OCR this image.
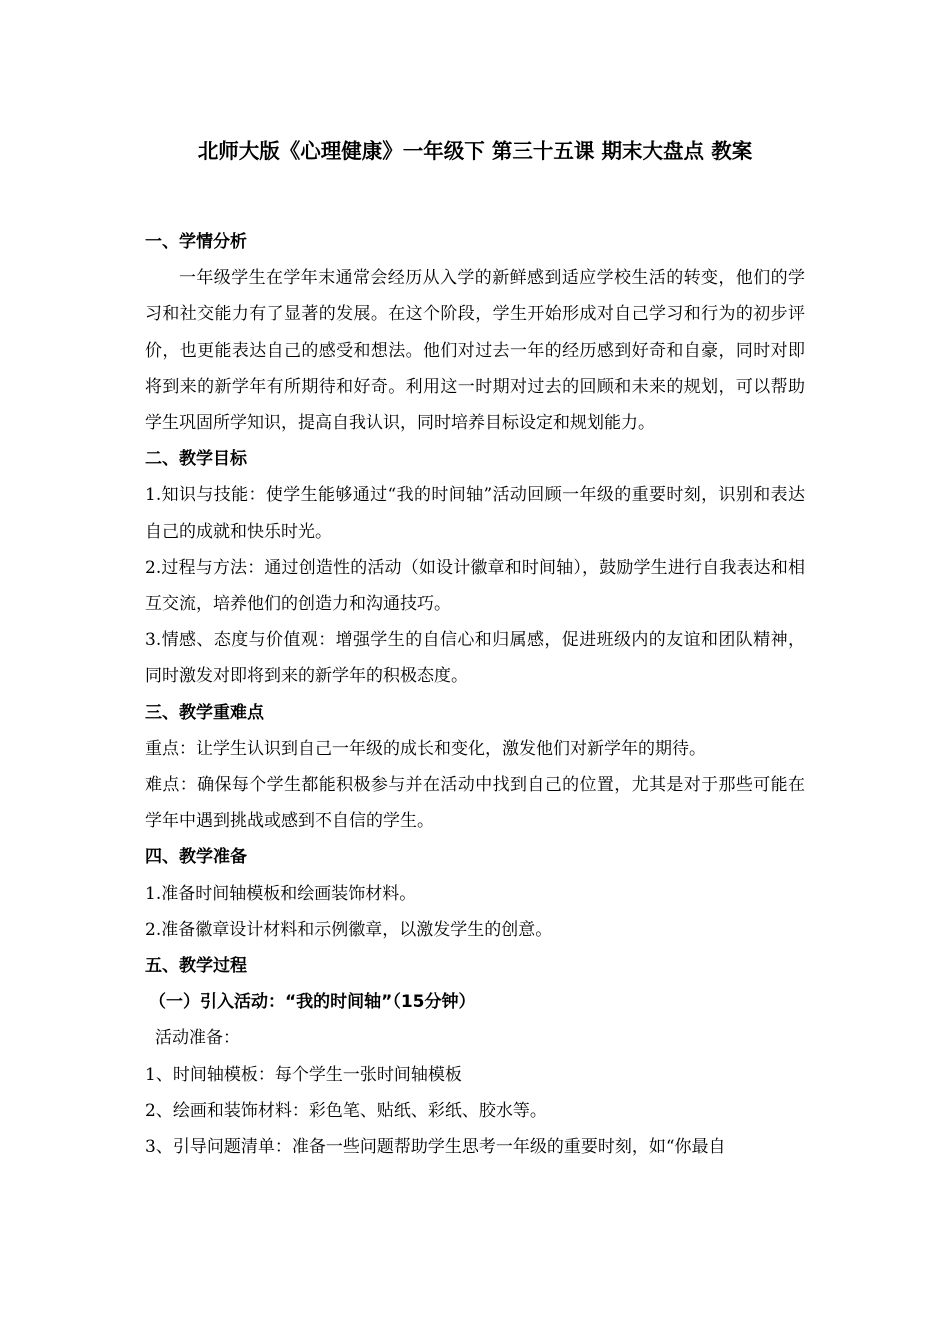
北师大版《心理健康》一年级下 第三十五课 期末大盘点 教案

一、学情分析

一年级学生在学年末通常会经历从入学的新鲜感到适应学校生活的转变，他们的学习和社交能力有了显著的发展。在这个阶段，学生开始形成对自己学习和行为的初步评价，也更能表达自己的感受和想法。他们对过去一年的经历感到好奇和自豪，同时对即将到来的新学年有所期待和好奇。利用这一时期对过去的回顾和未来的规划，可以帮助学生巩固所学知识，提高自我认识，同时培养目标设定和规划能力。

二、教学目标

1.知识与技能：使学生能够通过“我的时间轴”活动回顾一年级的重要时刻，识别和表达自己的成就和快乐时光。

2.过程与方法：通过创造性的活动（如设计徽章和时间轴），鼓励学生进行自我表达和相互交流，培养他们的创造力和沟通技巧。

3.情感、态度与价值观：增强学生的自信心和归属感，促进班级内的友谊和团队精神，同时激发对即将到来的新学年的积极态度。

三、教学重难点

重点：让学生认识到自己一年级的成长和变化，激发他们对新学年的期待。

难点：确保每个学生都能积极参与并在活动中找到自己的位置，尤其是对于那些可能在学年中遇到挑战或感到不自信的学生。

四、教学准备

1.准备时间轴模板和绘画装饰材料。

2.准备徽章设计材料和示例徽章，以激发学生的创意。

五、教学过程

（一）引入活动：“我的时间轴”（15分钟）

活动准备：

1、时间轴模板：每个学生一张时间轴模板

2、绘画和装饰材料：彩色笔、贴纸、彩纸、胶水等。

3、引导问题清单：准备一些问题帮助学生思考一年级的重要时刻，如“你最自
